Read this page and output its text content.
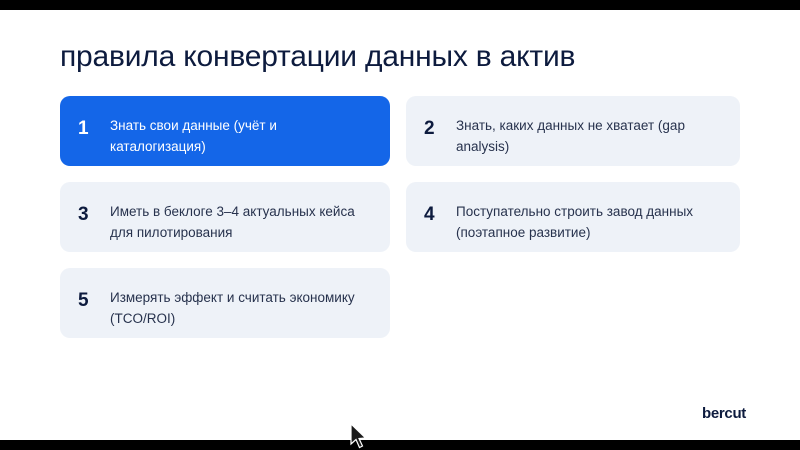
правила конвертации данных в актив
1 Знать свои данные (учёт и каталогизация)
2 Знать, каких данных не хватает (gap analysis)
3 Иметь в беклоге 3–4 актуальных кейса для пилотирования
4 Поступательно строить завод данных (поэтапное развитие)
5 Измерять эффект и считать экономику (TCO/ROI)
bercut
